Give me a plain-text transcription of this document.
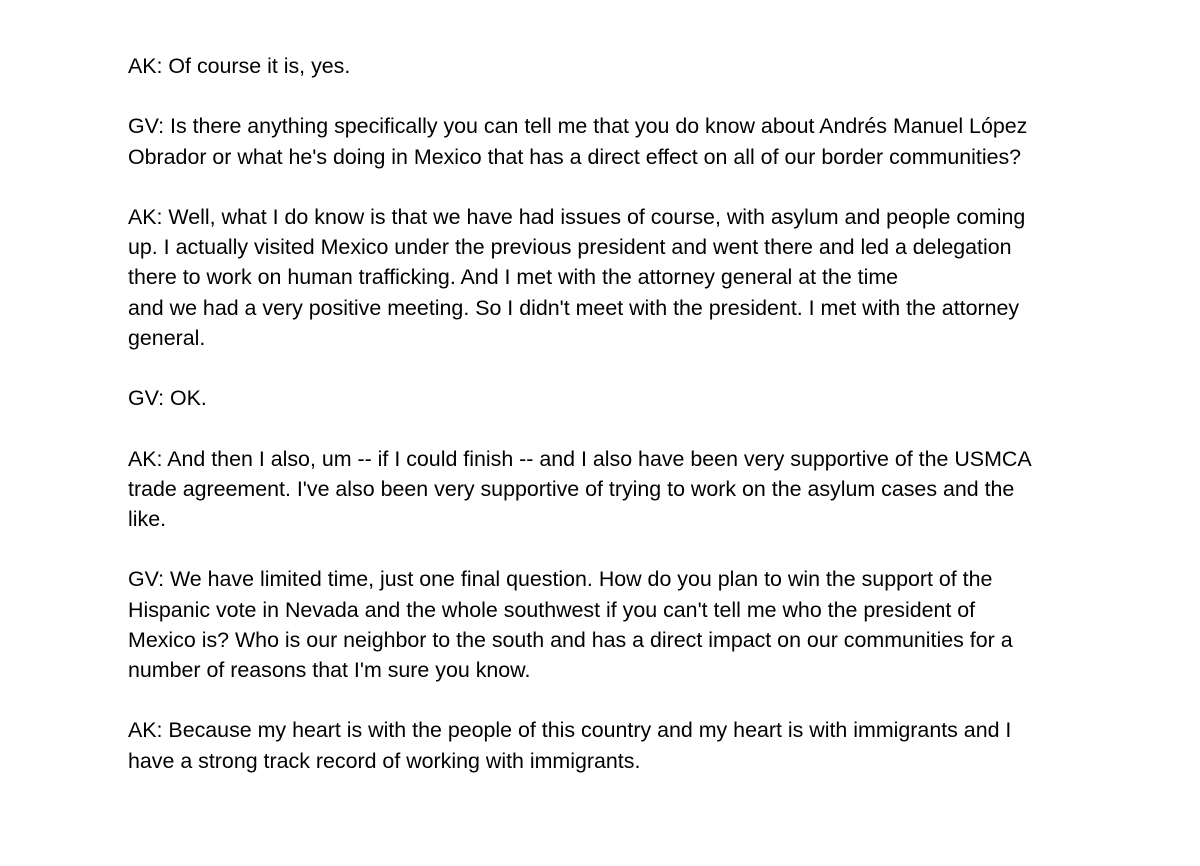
AK: Of course it is, yes.

GV: Is there anything specifically you can tell me that you do know about Andrés Manuel López
Obrador or what he's doing in Mexico that has a direct effect on all of our border communities?

AK: Well, what I do know is that we have had issues of course, with asylum and people coming
up. I actually visited Mexico under the previous president and went there and led a delegation
there to work on human trafficking. And I met with the attorney general at the time
and we had a very positive meeting. So I didn't meet with the president. I met with the attorney
general.

GV: OK.

AK: And then I also, um -- if I could finish -- and I also have been very supportive of the USMCA
trade agreement. I've also been very supportive of trying to work on the asylum cases and the
like.

GV: We have limited time, just one final question. How do you plan to win the support of the
Hispanic vote in Nevada and the whole southwest if you can't tell me who the president of
Mexico is? Who is our neighbor to the south and has a direct impact on our communities for a
number of reasons that I'm sure you know.

AK: Because my heart is with the people of this country and my heart is with immigrants and I
have a strong track record of working with immigrants.
